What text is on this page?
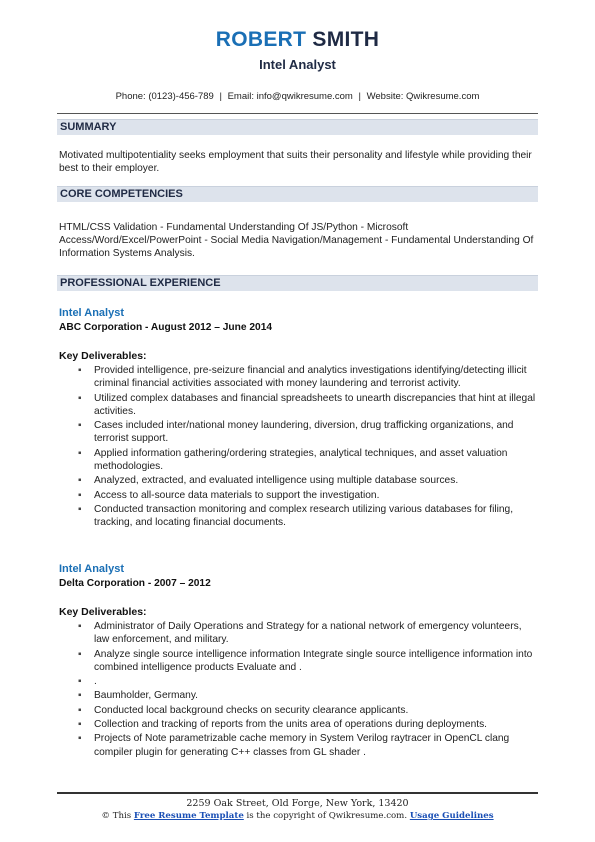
ROBERT SMITH
Intel Analyst
Phone: (0123)-456-789 | Email: info@qwikresume.com | Website: Qwikresume.com
SUMMARY
Motivated multipotentiality seeks employment that suits their personality and lifestyle while providing their best to their employer.
CORE COMPETENCIES
HTML/CSS Validation - Fundamental Understanding Of JS/Python - Microsoft Access/Word/Excel/PowerPoint - Social Media Navigation/Management - Fundamental Understanding Of Information Systems Analysis.
PROFESSIONAL EXPERIENCE
Intel Analyst
ABC Corporation - August 2012 – June 2014
Key Deliverables:
▪ Provided intelligence, pre-seizure financial and analytics investigations identifying/detecting illicit criminal financial activities associated with money laundering and terrorist activity.
▪ Utilized complex databases and financial spreadsheets to unearth discrepancies that hint at illegal activities.
▪ Cases included inter/national money laundering, diversion, drug trafficking organizations, and terrorist support.
▪ Applied information gathering/ordering strategies, analytical techniques, and asset valuation methodologies.
▪ Analyzed, extracted, and evaluated intelligence using multiple database sources.
▪ Access to all-source data materials to support the investigation.
▪ Conducted transaction monitoring and complex research utilizing various databases for filing, tracking, and locating financial documents.
Intel Analyst
Delta Corporation - 2007 – 2012
Key Deliverables:
▪ Administrator of Daily Operations and Strategy for a national network of emergency volunteers, law enforcement, and military.
▪ Analyze single source intelligence information Integrate single source intelligence information into combined intelligence products Evaluate and .
▪ .
▪ Baumholder, Germany.
▪ Conducted local background checks on security clearance applicants.
▪ Collection and tracking of reports from the units area of operations during deployments.
▪ Projects of Note parametrizable cache memory in System Verilog raytracer in OpenCL clang compiler plugin for generating C++ classes from GL shader .
2259 Oak Street, Old Forge, New York, 13420
© This Free Resume Template is the copyright of Qwikresume.com. Usage Guidelines
